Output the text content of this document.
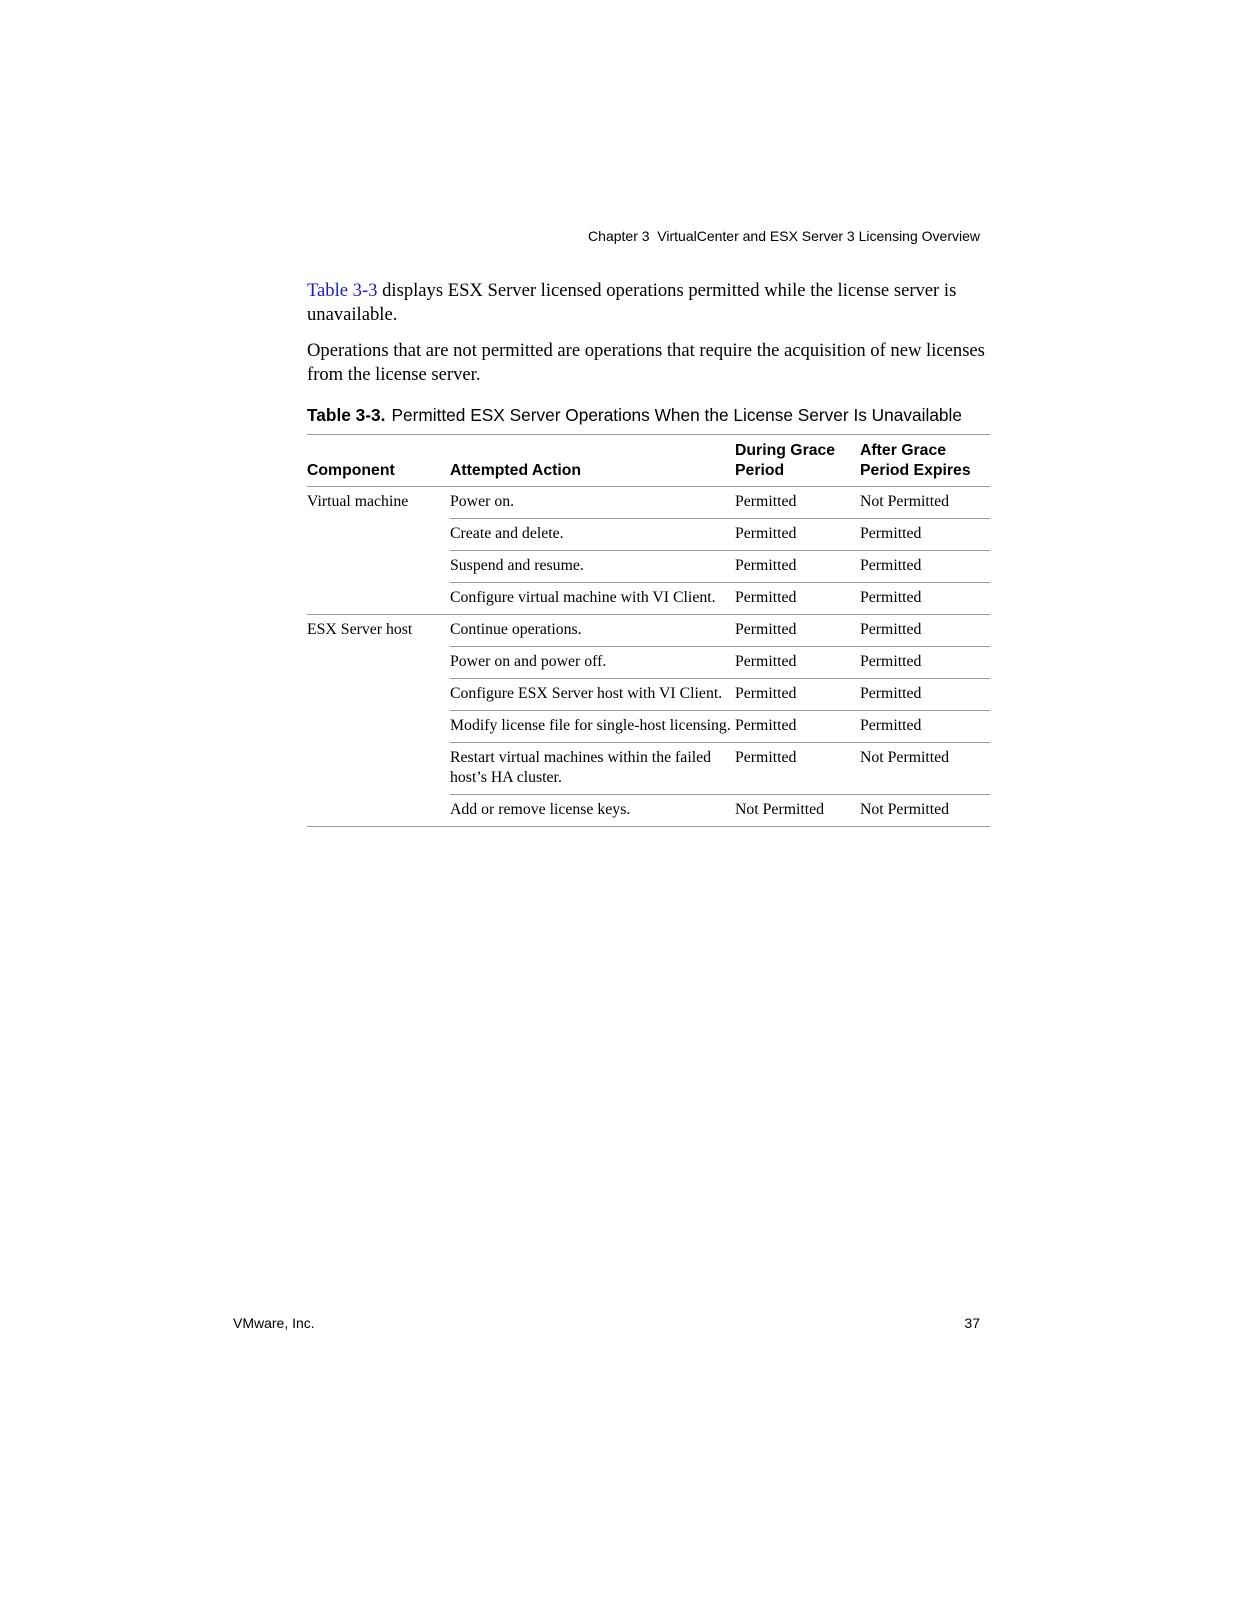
Chapter 3  VirtualCenter and ESX Server 3 Licensing Overview

Table 3-3 displays ESX Server licensed operations permitted while the license server is unavailable.

Operations that are not permitted are operations that require the acquisition of new licenses from the license server.

Table 3-3. Permitted ESX Server Operations When the License Server Is Unavailable
Component	Attempted Action	During Grace Period	After Grace Period Expires
Virtual machine	Power on.	Permitted	Not Permitted
	Create and delete.	Permitted	Permitted
	Suspend and resume.	Permitted	Permitted
	Configure virtual machine with VI Client.	Permitted	Permitted
ESX Server host	Continue operations.	Permitted	Permitted
	Power on and power off.	Permitted	Permitted
	Configure ESX Server host with VI Client.	Permitted	Permitted
	Modify license file for single-host licensing.	Permitted	Permitted
	Restart virtual machines within the failed host’s HA cluster.	Permitted	Not Permitted
	Add or remove license keys.	Not Permitted	Not Permitted
VMware, Inc.	37
